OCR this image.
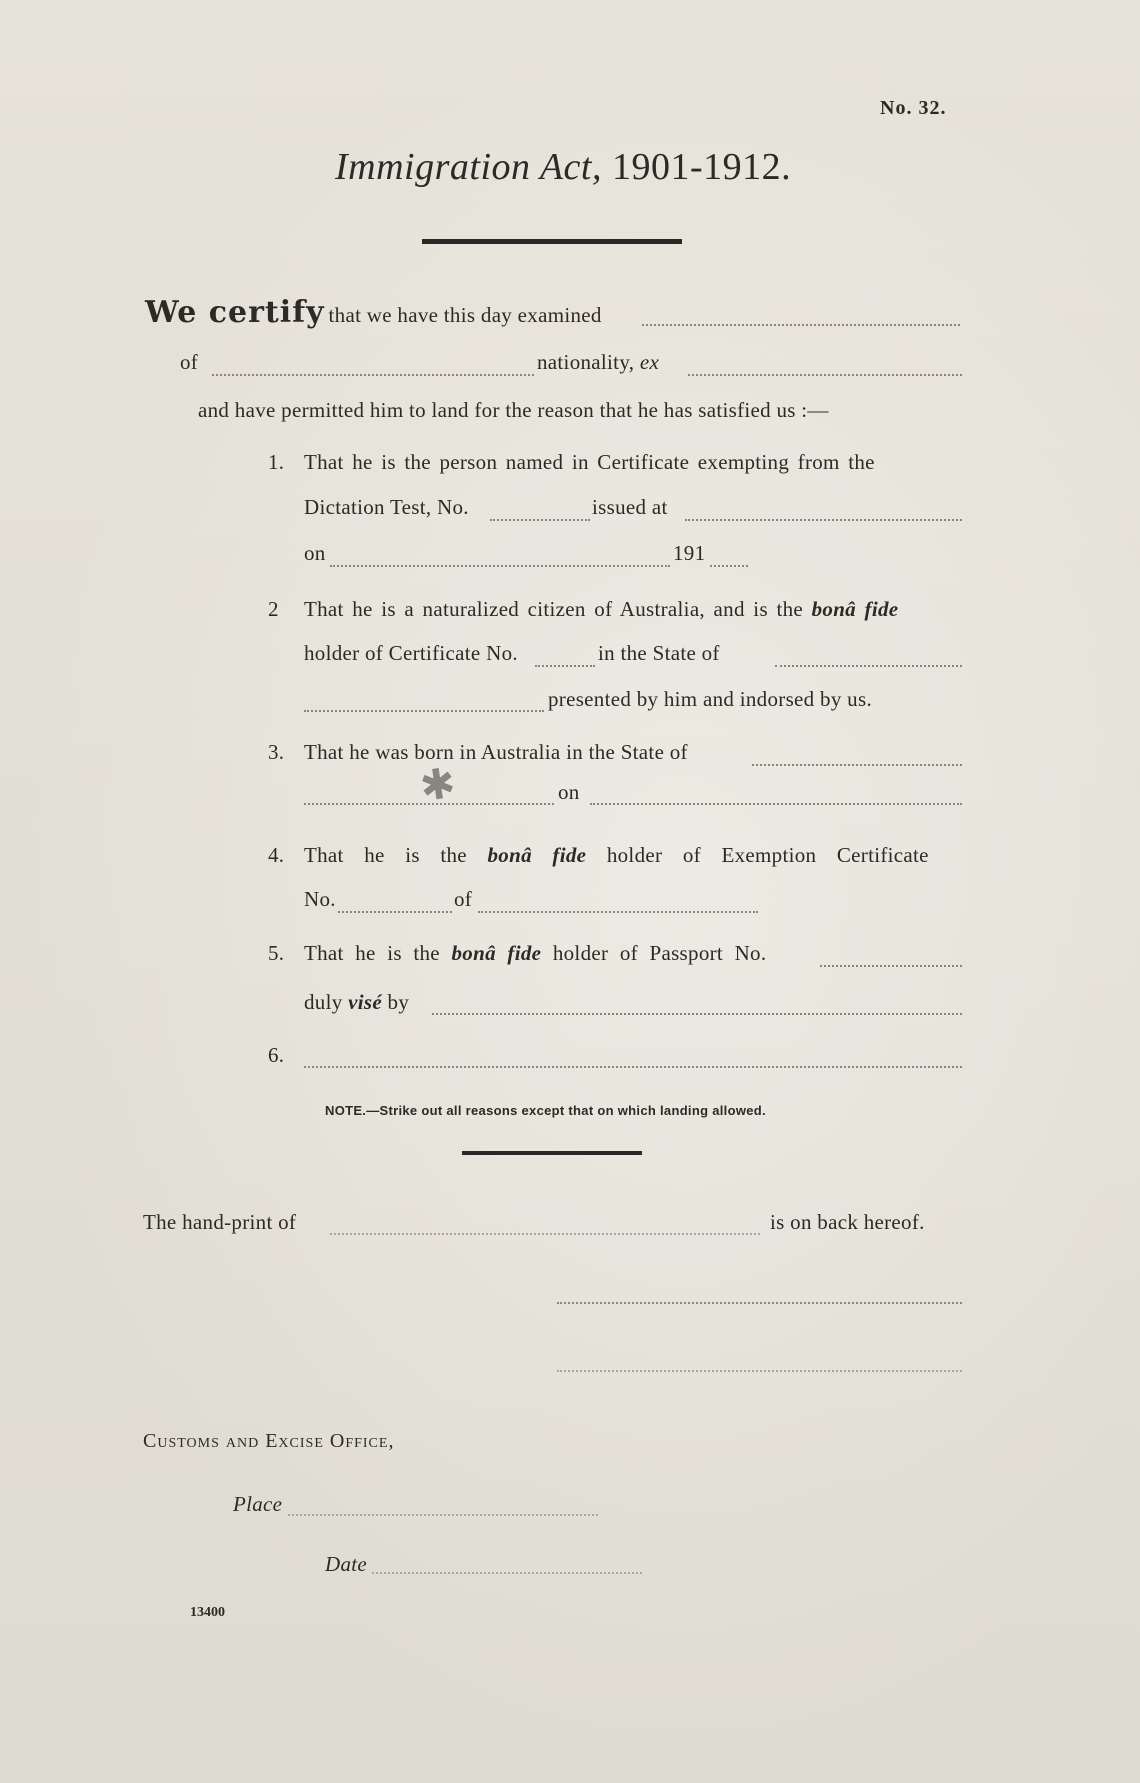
No. 32.
Immigration Act, 1901-1912.
We certify that we have this day examined
of	nationality, ex
and have permitted him to land for the reason that he has satisfied us :—
1. That he is the person named in Certificate exempting from the
Dictation Test, No.	issued at
on	191
2 That he is a naturalized citizen of Australia, and is the bonâ fide
holder of Certificate No.	in the State of
presented by him and indorsed by us.
3. That he was born in Australia in the State of
on
✱
4. That he is the bonâ fide holder of Exemption Certificate
No.	of
5. That he is the bonâ fide holder of Passport No.
duly visé by
6.
NOTE.—Strike out all reasons except that on which landing allowed.
The hand-print of	is on back hereof.
Customs and Excise Office,
Place
Date
13400
